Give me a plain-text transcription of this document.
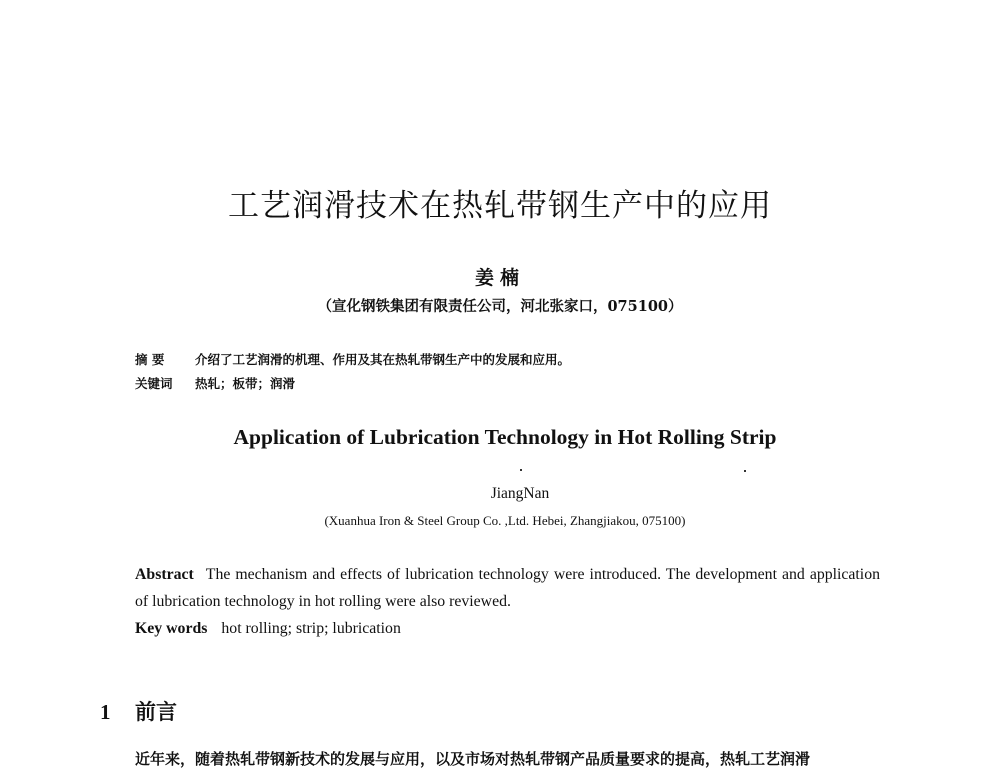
工艺润滑技术在热轧带钢生产中的应用
姜楠
（宣化钢铁集团有限责任公司，河北张家口，075100）
摘 要 介绍了工艺润滑的机理、作用及其在热轧带钢生产中的发展和应用。
关键词 热轧；板带；润滑
Application of Lubrication Technology in Hot Rolling Strip
JiangNan
(Xuanhua Iron & Steel Group Co. ,Ltd. Hebei, Zhangjiakou, 075100)
Abstract The mechanism and effects of lubrication technology were introduced. The development and application of lubrication technology in hot rolling were also reviewed.
Key words hot rolling; strip; lubrication
1 前言
近年来，随着热轧带钢新技术的发展与应用，以及市场对热轧带钢产品质量要求的提高，热轧工艺润滑
